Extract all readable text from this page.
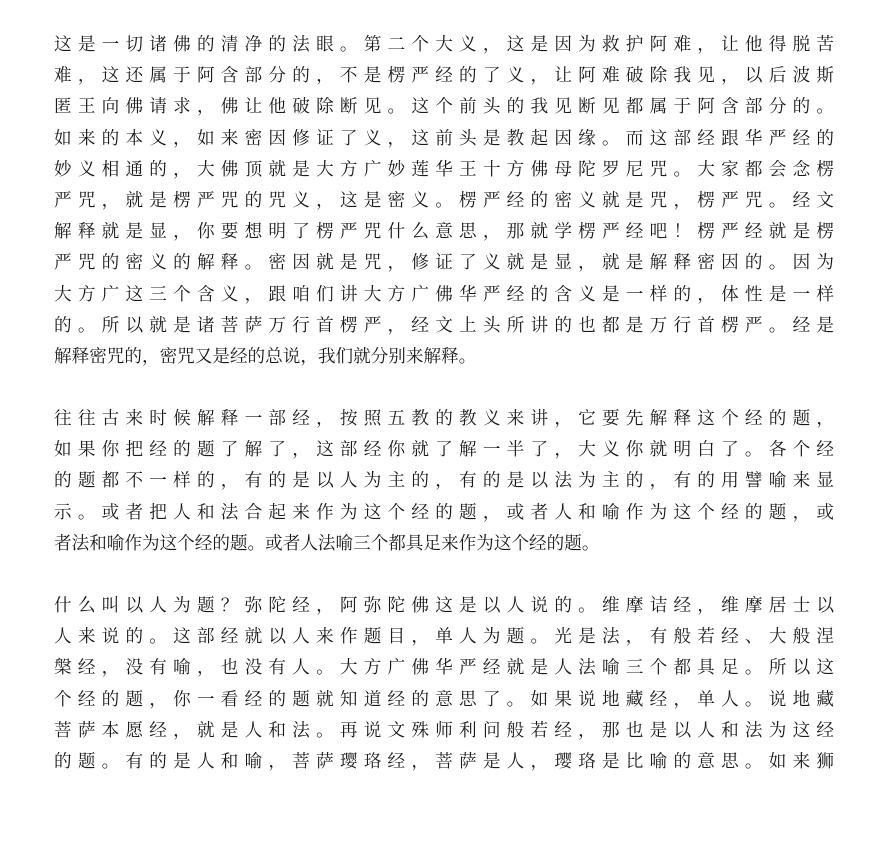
这是一切诸佛的清净的法眼。第二个大义，这是因为救护阿难，让他得脱苦
难，这还属于阿含部分的，不是楞严经的了义，让阿难破除我见，以后波斯
匿王向佛请求，佛让他破除断见。这个前头的我见断见都属于阿含部分的。
如来的本义，如来密因修证了义，这前头是教起因缘。而这部经跟华严经的
妙义相通的，大佛顶就是大方广妙莲华王十方佛母陀罗尼咒。大家都会念楞
严咒，就是楞严咒的咒义，这是密义。楞严经的密义就是咒，楞严咒。经文
解释就是显，你要想明了楞严咒什么意思，那就学楞严经吧！楞严经就是楞
严咒的密义的解释。密因就是咒，修证了义就是显，就是解释密因的。因为
大方广这三个含义，跟咱们讲大方广佛华严经的含义是一样的，体性是一样
的。所以就是诸菩萨万行首楞严，经文上头所讲的也都是万行首楞严。经是
解释密咒的，密咒又是经的总说，我们就分别来解释。
往往古来时候解释一部经，按照五教的教义来讲，它要先解释这个经的题，
如果你把经的题了解了，这部经你就了解一半了，大义你就明白了。各个经
的题都不一样的，有的是以人为主的，有的是以法为主的，有的用譬喻来显
示。或者把人和法合起来作为这个经的题，或者人和喻作为这个经的题，或
者法和喻作为这个经的题。或者人法喻三个都具足来作为这个经的题。
什么叫以人为题？弥陀经，阿弥陀佛这是以人说的。维摩诘经，维摩居士以
人来说的。这部经就以人来作题目，单人为题。光是法，有般若经、大般涅
槃经，没有喻，也没有人。大方广佛华严经就是人法喻三个都具足。所以这
个经的题，你一看经的题就知道经的意思了。如果说地藏经，单人。说地藏
菩萨本愿经，就是人和法。再说文殊师利问般若经，那也是以人和法为这经
的题。有的是人和喻，菩萨璎珞经，菩萨是人，璎珞是比喻的意思。如来狮
